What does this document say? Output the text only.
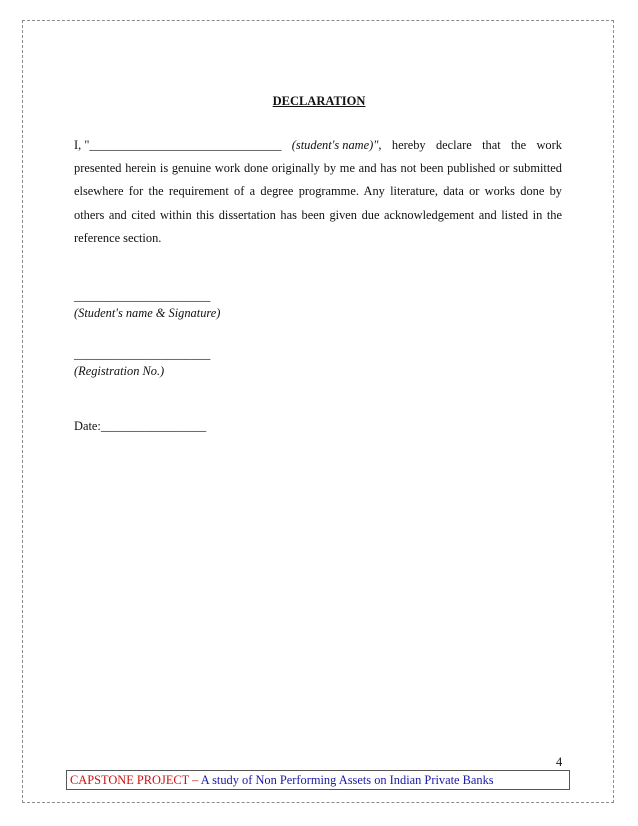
DECLARATION
I, "_______________________________ (student's name)", hereby declare that the work
presented herein is genuine work done originally by me and has not been published or submitted
elsewhere for the requirement of a degree programme. Any literature, data or works done by
others and cited within this dissertation has been given due acknowledgement and listed in the
reference section.
______________________
(Student's name & Signature)
______________________
(Registration No.)
Date:_________________
4
CAPSTONE PROJECT – A study of Non Performing Assets on Indian Private Banks
